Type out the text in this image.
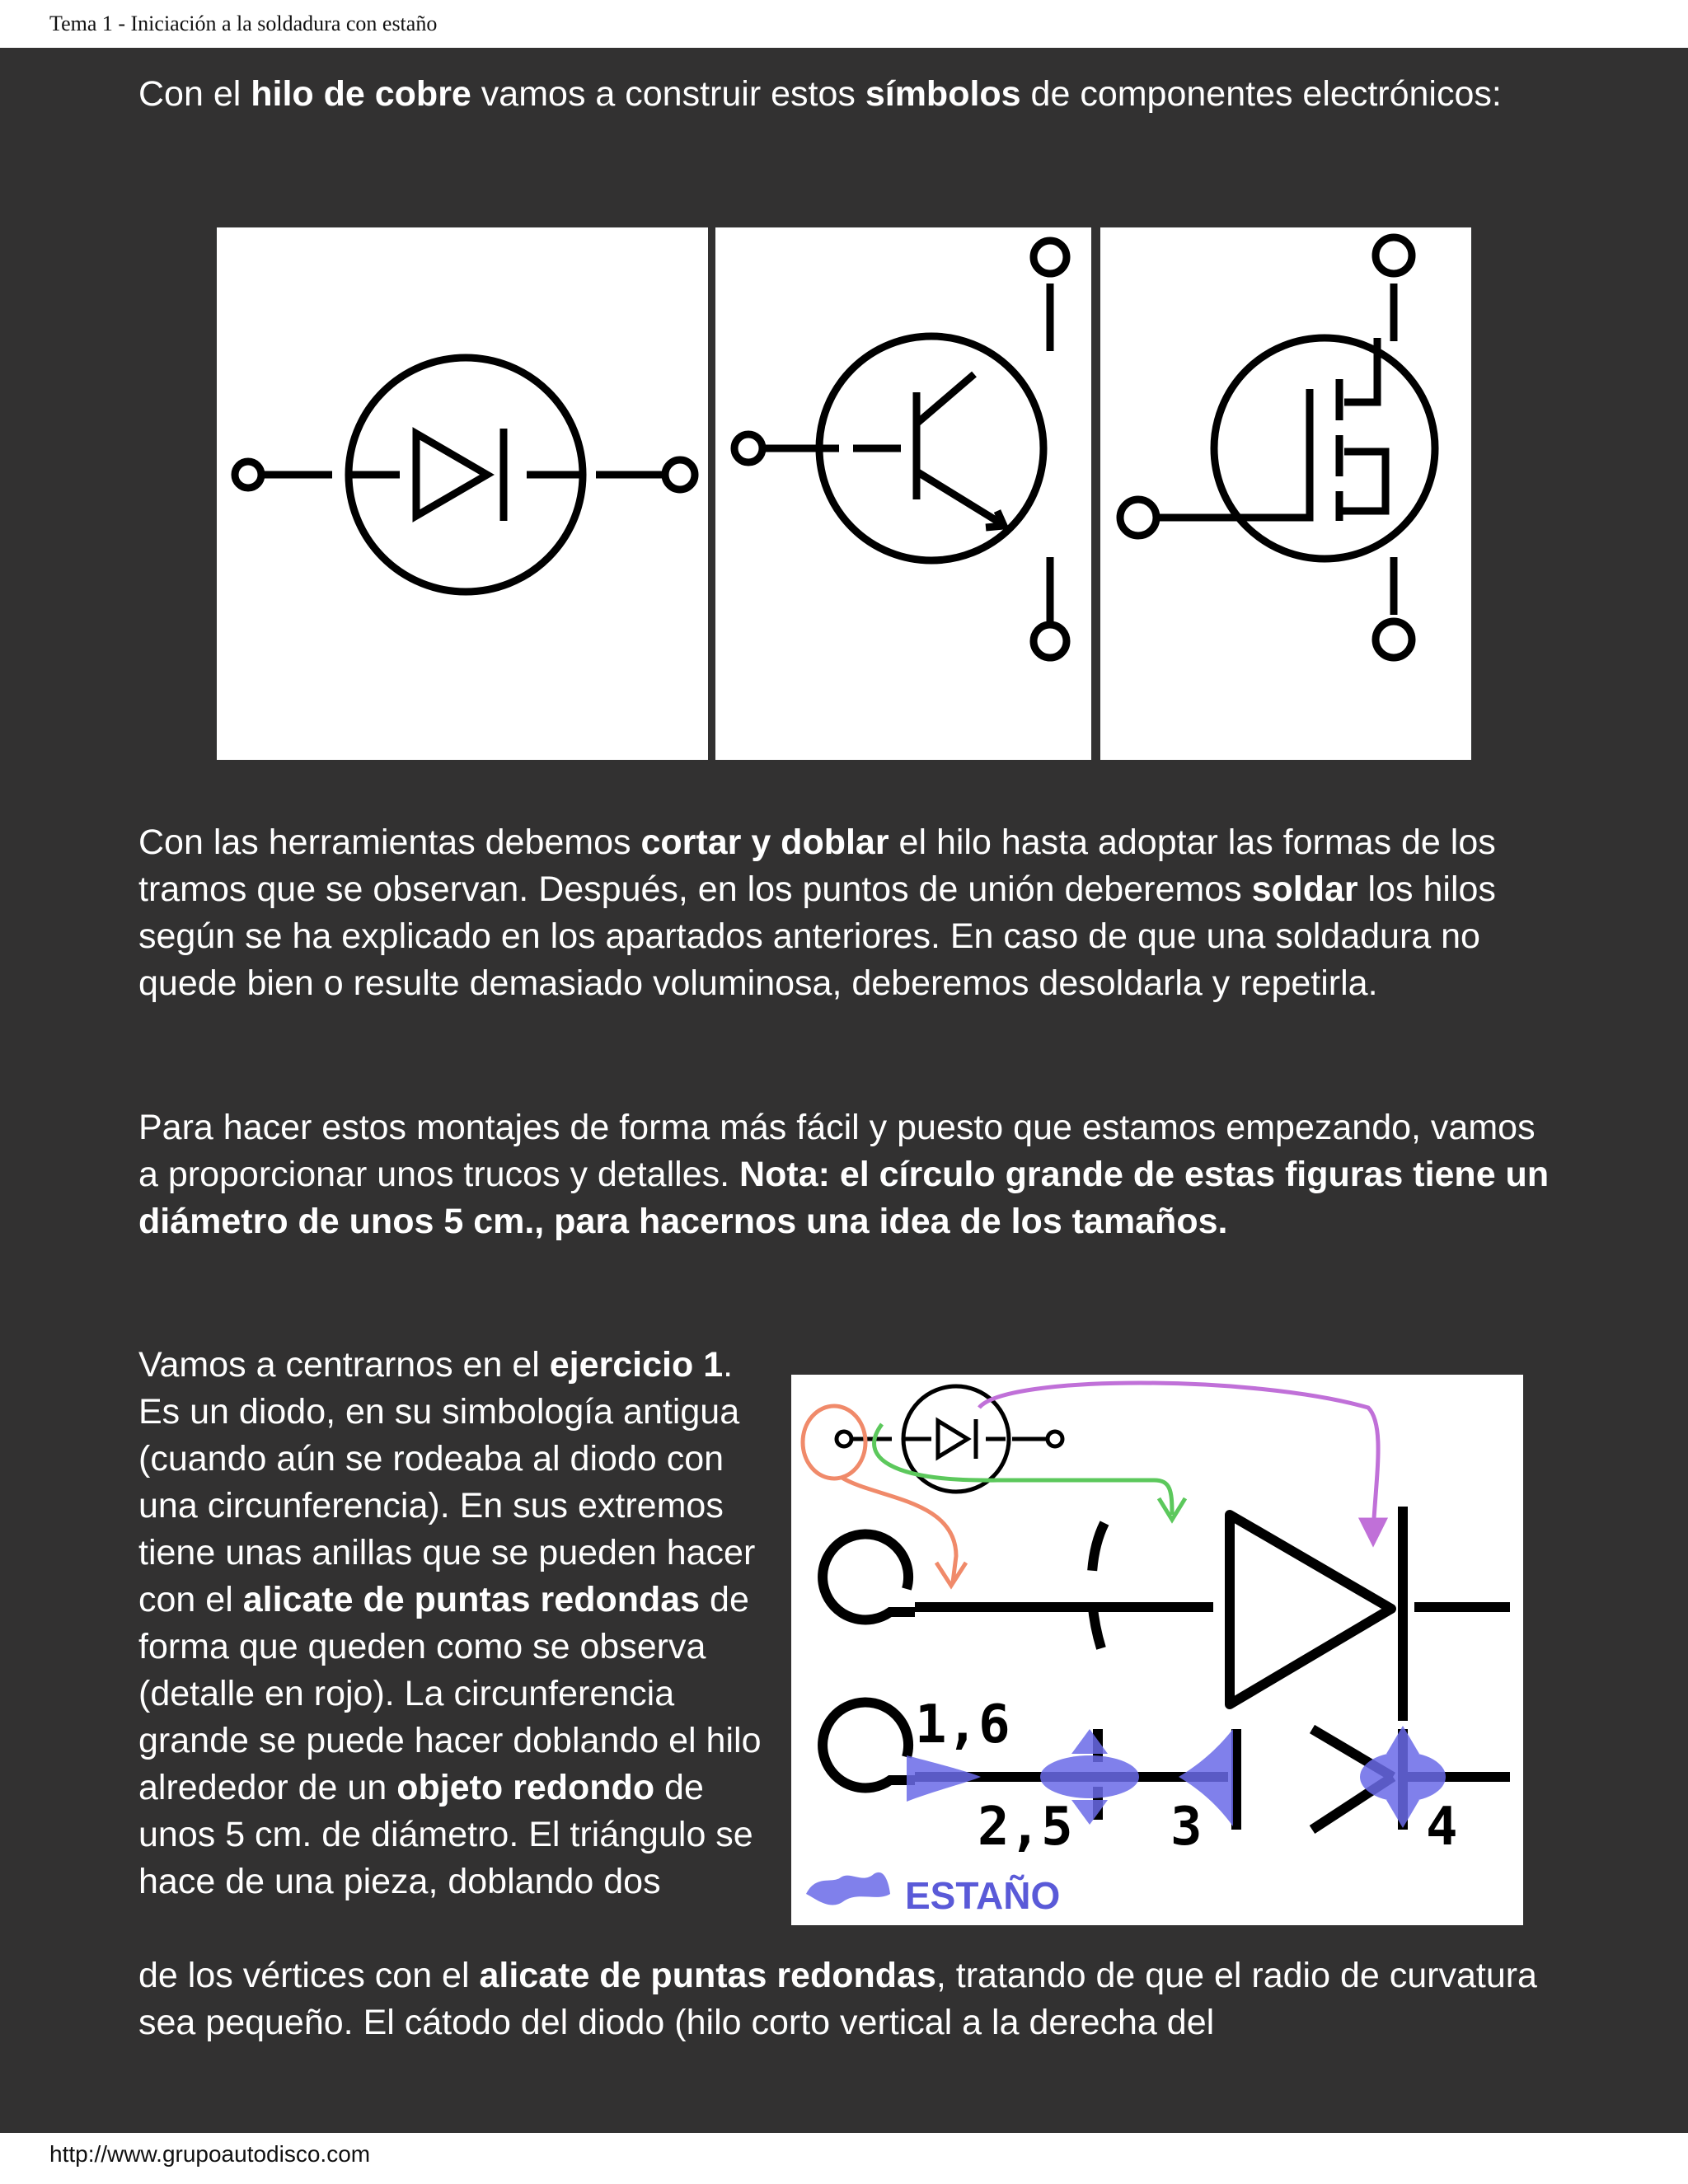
Tema 1 - Iniciación a la soldadura con estaño
Con el hilo de cobre vamos a construir estos símbolos de componentes electrónicos:
Con las herramientas debemos cortar y doblar el hilo hasta adoptar las formas de los tramos que se observan. Después, en los puntos de unión deberemos soldar los hilos según se ha explicado en los apartados anteriores. En caso de que una soldadura no quede bien o resulte demasiado voluminosa, deberemos desoldarla y repetirla.
Para hacer estos montajes de forma más fácil y puesto que estamos empezando, vamos a proporcionar unos trucos y detalles. Nota: el círculo grande de estas figuras tiene un diámetro de unos 5 cm., para hacernos una idea de los tamaños.
Vamos a centrarnos en el ejercicio 1. Es un diodo, en su simbología antigua (cuando aún se rodeaba al diodo con una circunferencia). En sus extremos tiene unas anillas que se pueden hacer con el alicate de puntas redondas de forma que queden como se observa (detalle en rojo). La circunferencia grande se puede hacer doblando el hilo alrededor de un objeto redondo de unos 5 cm. de diámetro. El triángulo se hace de una pieza, doblando dos
de los vértices con el alicate de puntas redondas, tratando de que el radio de curvatura sea pequeño. El cátodo del diodo (hilo corto vertical a la derecha del
1,6
2,5 3	4
ESTAÑO
http://www.grupoautodisco.com
